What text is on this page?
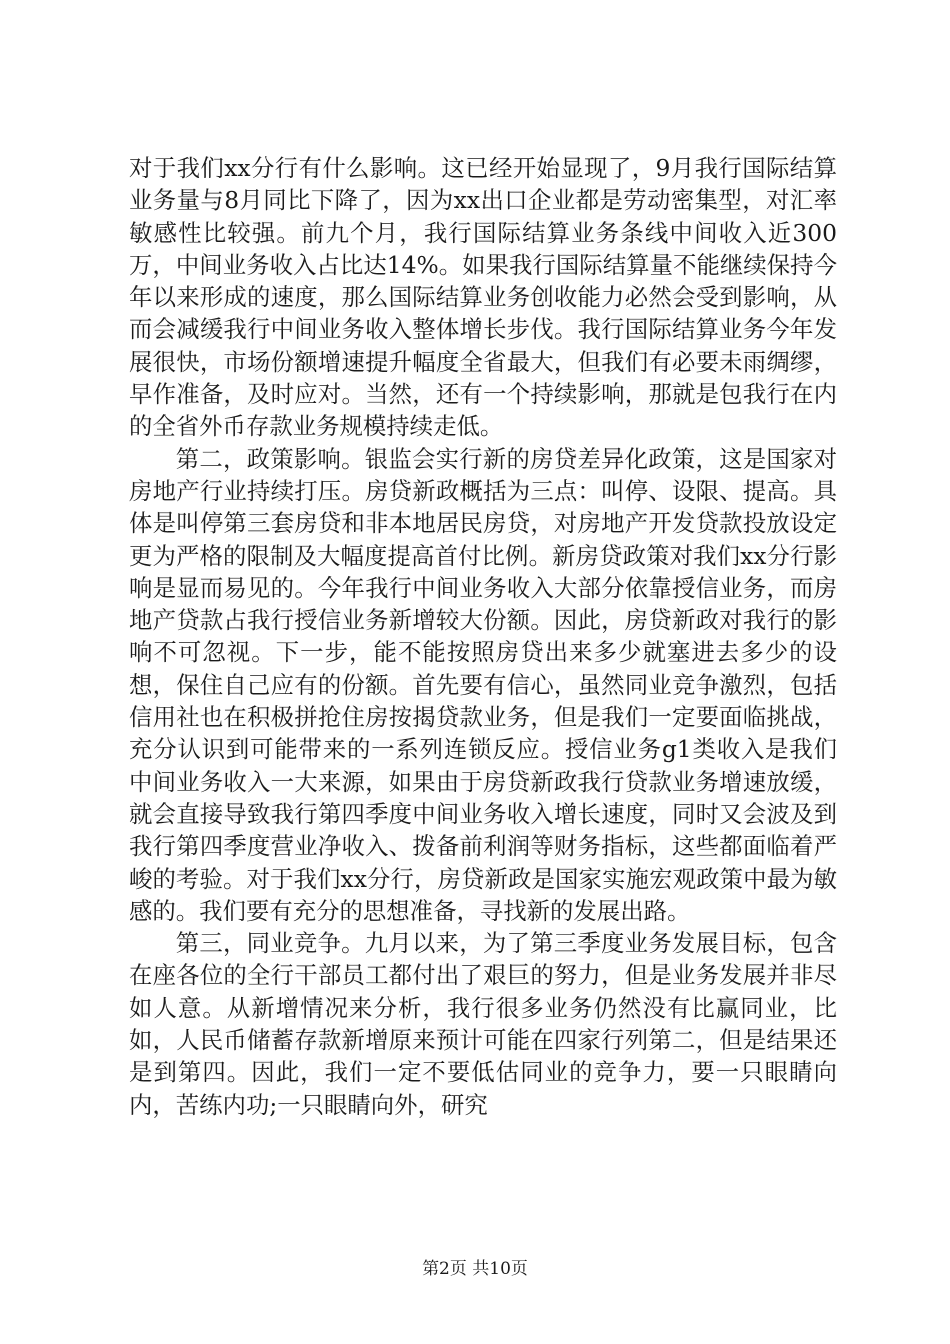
对于我们xx分行有什么影响。这已经开始显现了，9月我行国际结算业务量与8月同比下降了，因为xx出口企业都是劳动密集型，对汇率敏感性比较强。前九个月，我行国际结算业务条线中间收入近300万，中间业务收入占比达14%。如果我行国际结算量不能继续保持今年以来形成的速度，那么国际结算业务创收能力必然会受到影响，从而会减缓我行中间业务收入整体增长步伐。我行国际结算业务今年发展很快，市场份额增速提升幅度全省最大，但我们有必要未雨绸缪，早作准备，及时应对。当然，还有一个持续影响，那就是包我行在内的全省外币存款业务规模持续走低。

第二，政策影响。银监会实行新的房贷差异化政策，这是国家对房地产行业持续打压。房贷新政概括为三点：叫停、设限、提高。具体是叫停第三套房贷和非本地居民房贷，对房地产开发贷款投放设定更为严格的限制及大幅度提高首付比例。新房贷政策对我们xx分行影响是显而易见的。今年我行中间业务收入大部分依靠授信业务，而房地产贷款占我行授信业务新增较大份额。因此，房贷新政对我行的影响不可忽视。下一步，能不能按照房贷出来多少就塞进去多少的设想，保住自己应有的份额。首先要有信心，虽然同业竞争激烈，包括信用社也在积极拼抢住房按揭贷款业务，但是我们一定要面临挑战，充分认识到可能带来的一系列连锁反应。授信业务g1类收入是我们中间业务收入一大来源，如果由于房贷新政我行贷款业务增速放缓，就会直接导致我行第四季度中间业务收入增长速度，同时又会波及到我行第四季度营业净收入、拨备前利润等财务指标，这些都面临着严峻的考验。对于我们xx分行，房贷新政是国家实施宏观政策中最为敏感的。我们要有充分的思想准备，寻找新的发展出路。

第三，同业竞争。九月以来，为了第三季度业务发展目标，包含在座各位的全行干部员工都付出了艰巨的努力，但是业务发展并非尽如人意。从新增情况来分析，我行很多业务仍然没有比赢同业，比如，人民币储蓄存款新增原来预计可能在四家行列第二，但是结果还是到第四。因此，我们一定不要低估同业的竞争力，要一只眼睛向内，苦练内功;一只眼睛向外，研究

第2页 共10页
